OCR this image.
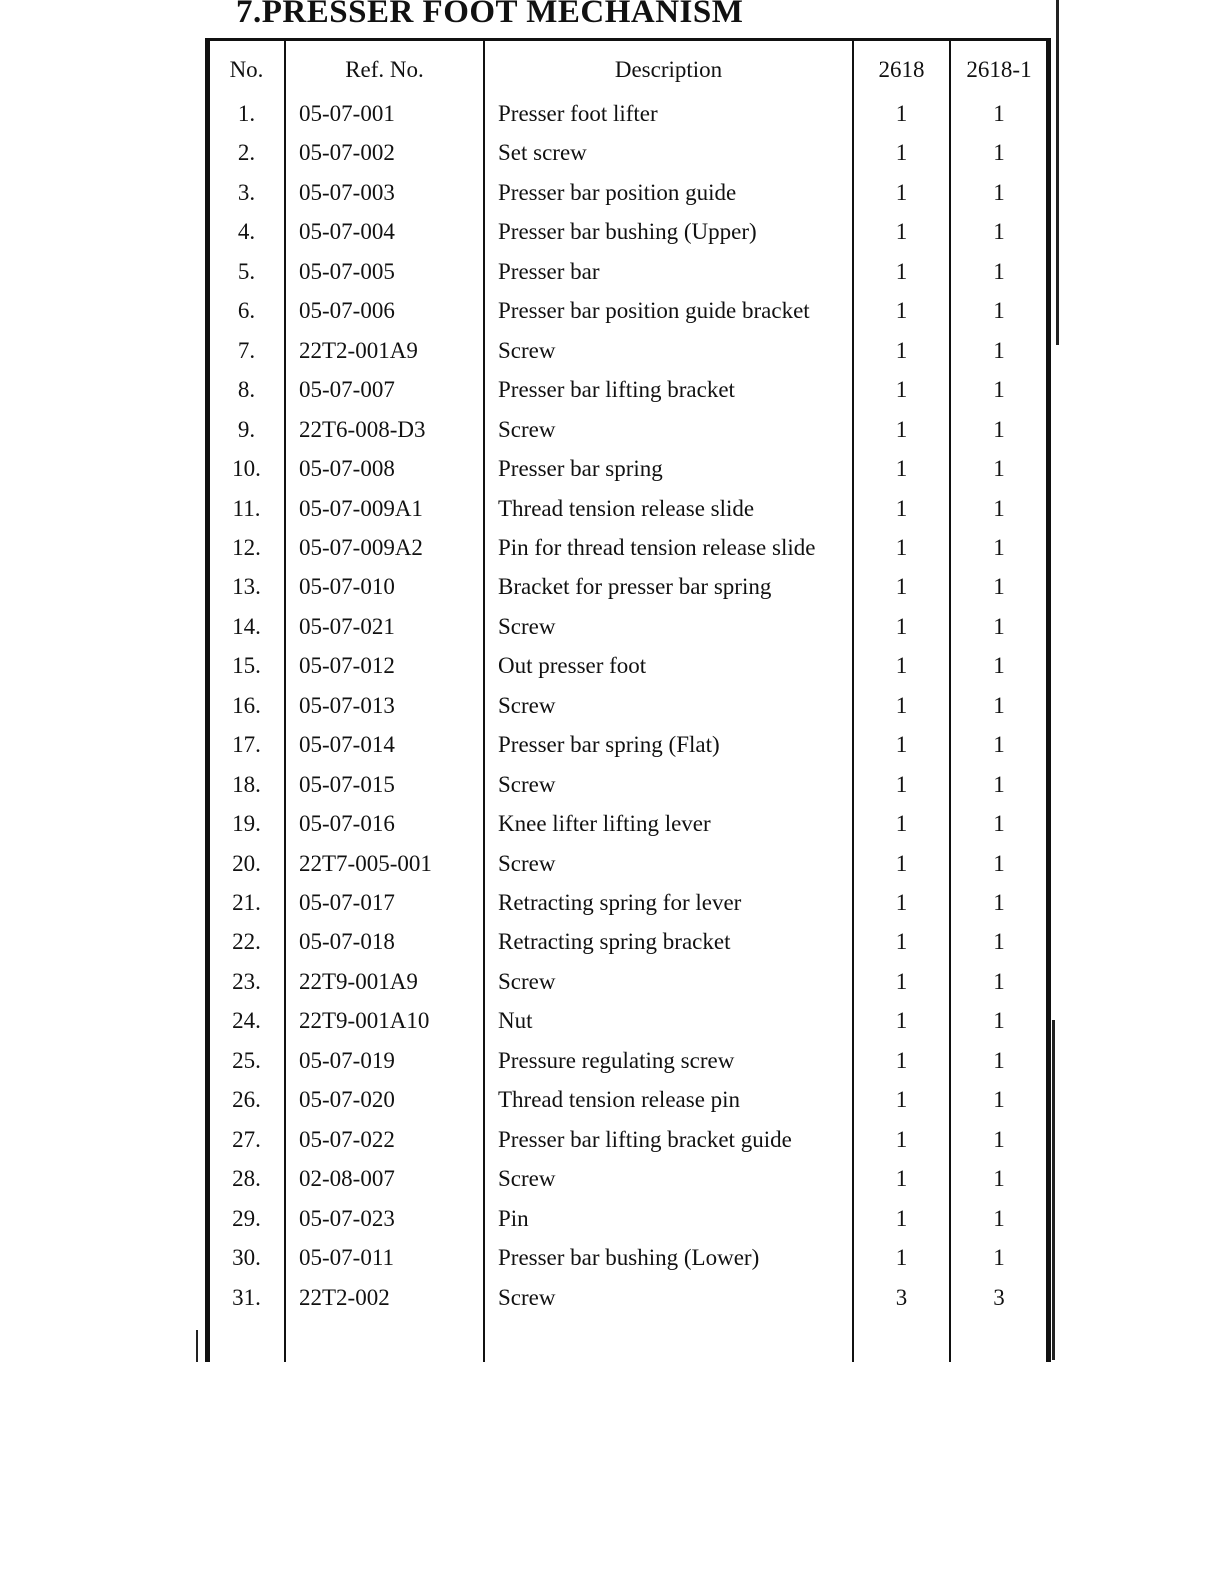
7.PRESSER FOOT MECHANISM
No.	Ref. No.	Description	2618	2618-1
1.	05-07-001	Presser foot lifter	1	1
2.	05-07-002	Set screw	1	1
3.	05-07-003	Presser bar position guide	1	1
4.	05-07-004	Presser bar bushing (Upper)	1	1
5.	05-07-005	Presser bar	1	1
6.	05-07-006	Presser bar position guide bracket	1	1
7.	22T2-001A9	Screw	1	1
8.	05-07-007	Presser bar lifting bracket	1	1
9.	22T6-008-D3	Screw	1	1
10.	05-07-008	Presser bar spring	1	1
11.	05-07-009A1	Thread tension release slide	1	1
12.	05-07-009A2	Pin for thread tension release slide	1	1
13.	05-07-010	Bracket for presser bar spring	1	1
14.	05-07-021	Screw	1	1
15.	05-07-012	Out presser foot	1	1
16.	05-07-013	Screw	1	1
17.	05-07-014	Presser bar spring (Flat)	1	1
18.	05-07-015	Screw	1	1
19.	05-07-016	Knee lifter lifting lever	1	1
20.	22T7-005-001	Screw	1	1
21.	05-07-017	Retracting spring for lever	1	1
22.	05-07-018	Retracting spring bracket	1	1
23.	22T9-001A9	Screw	1	1
24.	22T9-001A10	Nut	1	1
25.	05-07-019	Pressure regulating screw	1	1
26.	05-07-020	Thread tension release pin	1	1
27.	05-07-022	Presser bar lifting bracket guide	1	1
28.	02-08-007	Screw	1	1
29.	05-07-023	Pin	1	1
30.	05-07-011	Presser bar bushing (Lower)	1	1
31.	22T2-002	Screw	3	3
